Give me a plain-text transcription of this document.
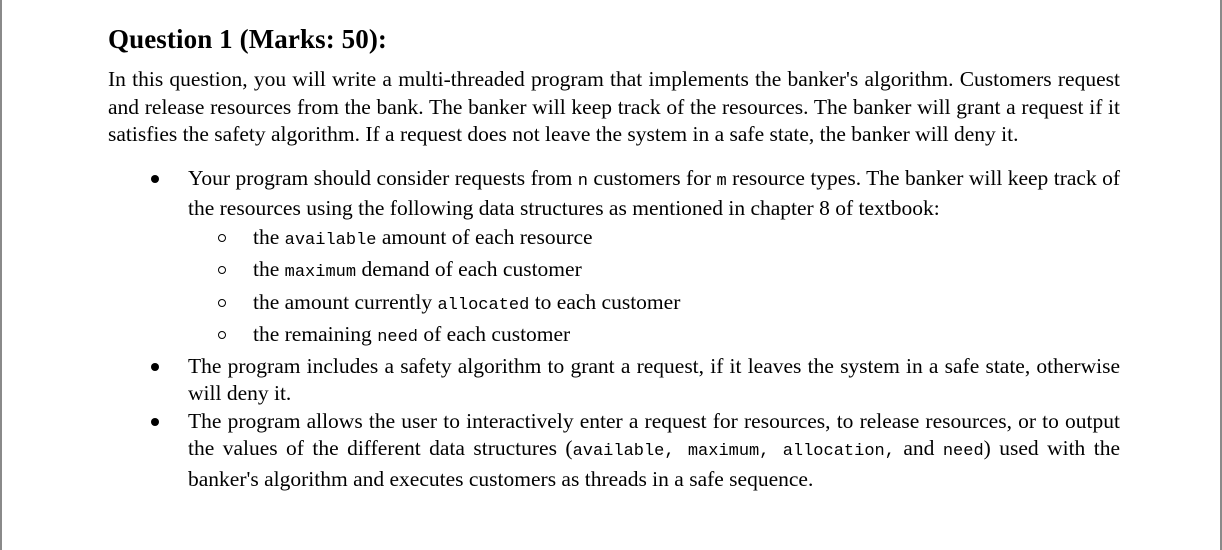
Question 1 (Marks: 50):

In this question, you will write a multi-threaded program that implements the banker's algorithm. Customers request and release resources from the bank. The banker will keep track of the resources. The banker will grant a request if it satisfies the safety algorithm. If a request does not leave the system in a safe state, the banker will deny it.

Your program should consider requests from n customers for m resource types. The banker will keep track of the resources using the following data structures as mentioned in chapter 8 of textbook:
the available amount of each resource
the maximum demand of each customer
the amount currently allocated to each customer
the remaining need of each customer
The program includes a safety algorithm to grant a request, if it leaves the system in a safe state, otherwise will deny it.
The program allows the user to interactively enter a request for resources, to release resources, or to output the values of the different data structures (available, maximum, allocation, and need) used with the banker's algorithm and executes customers as threads in a safe sequence.
